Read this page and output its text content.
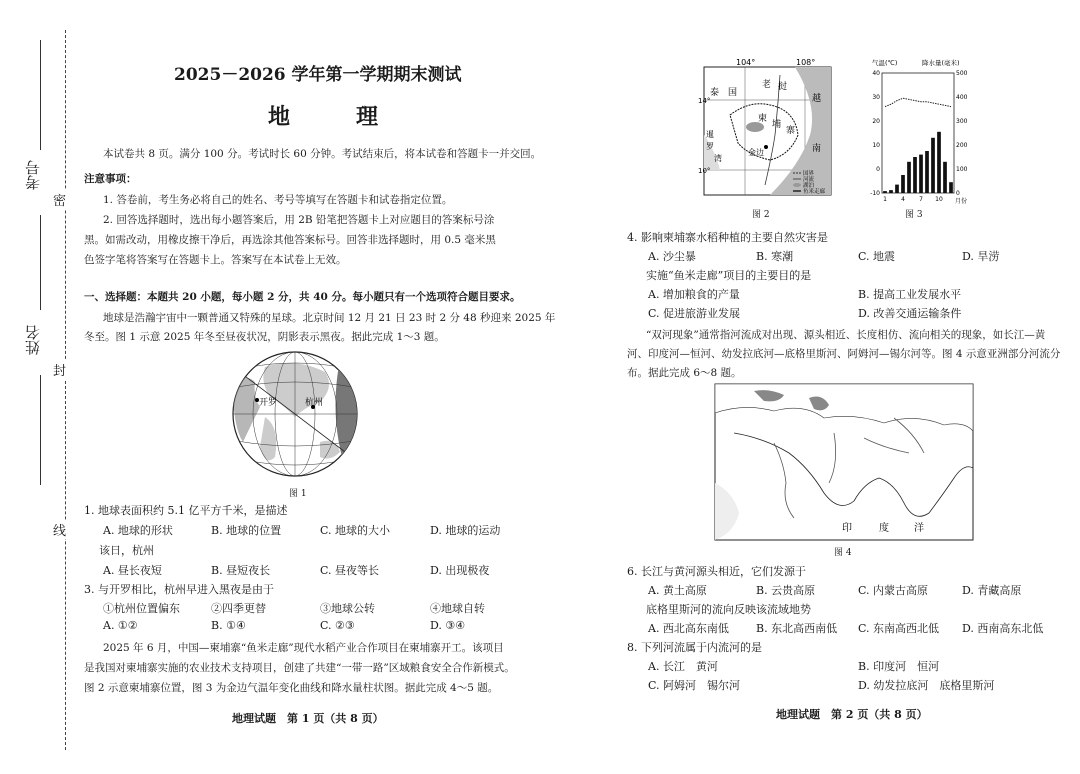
考号
姓名
密
封
线
2025－2026 学年第一学期期末测试
地　理
本试卷共 8 页。满分 100 分。考试时长 60 分钟。考试结束后，将本试卷和答题卡一并交回。
注意事项：
1. 答卷前，考生务必将自己的姓名、考号等填写在答题卡和试卷指定位置。
2. 回答选择题时，选出每小题答案后，用 2B 铅笔把答题卡上对应题目的答案标号涂
黑。如需改动，用橡皮擦干净后，再选涂其他答案标号。回答非选择题时，用 0.5 毫米黑
色签字笔将答案写在答题卡上。答案写在本试卷上无效。
一、选择题：本题共 20 小题，每小题 2 分，共 40 分。每小题只有一个选项符合题目要求。
地球是浩瀚宇宙中一颗普通又特殊的星球。北京时间 12 月 21 日 23 时 2 分 48 秒迎来 2025 年
冬至。图 1 示意 2025 年冬至昼夜状况，阴影表示黑夜。据此完成 1～3 题。
开罗	杭州
图 1
1. 地球表面积约 5.1 亿平方千米，是描述
A. 地球的形状	B. 地球的位置	C. 地球的大小	D. 地球的运动
该日，杭州
A. 昼长夜短	B. 昼短夜长	C. 昼夜等长	D. 出现极夜
3. 与开罗相比，杭州早进入黑夜是由于
①杭州位置偏东	②四季更替	③地球公转	④地球自转
A. ①②	B. ①④	C. ②③	D. ③④
2025 年 6 月，中国—柬埔寨“鱼米走廊”现代水稻产业合作项目在柬埔寨开工。该项目
是我国对柬埔寨实施的农业技术支持项目，创建了共建“一带一路”区域粮食安全合作新模式。
图 2 示意柬埔寨位置，图 3 为金边气温年变化曲线和降水量柱状图。据此完成 4～5 题。
地理试题　第 1 页（共 8 页）
104°	108°
14°
10°
泰 国
老 挝
柬
埔
寨
金边
越
南
暹
罗
湾
国界
河流
湖泊
鱼米走廊
图 2
气温(℃)	降水量(毫米)
40
30
20
10
0
-10
500
400
300
200
100
0
1 4 7 10 月份
图 3
4. 影响柬埔寨水稻种植的主要自然灾害是
A. 沙尘暴	B. 寒潮	C. 地震	D. 旱涝
实施“鱼米走廊”项目的主要目的是
A. 增加粮食的产量	B. 提高工业发展水平
C. 促进旅游业发展	D. 改善交通运输条件
“双河现象”通常指河流成对出现、源头相近、长度相仿、流向相关的现象，如长江—黄
河、印度河—恒河、幼发拉底河—底格里斯河、阿姆河—锡尔河等。图 4 示意亚洲部分河流分
布。据此完成 6～8 题。
印	度	洋
图 4
6. 长江与黄河源头相近，它们发源于
A. 黄土高原	B. 云贵高原	C. 内蒙古高原	D. 青藏高原
底格里斯河的流向反映该流域地势
A. 西北高东南低 B. 东北高西南低 C. 东南高西北低 D. 西南高东北低
8. 下列河流属于内流河的是
A. 长江　黄河	B. 印度河　恒河
C. 阿姆河　锡尔河	D. 幼发拉底河　底格里斯河
地理试题　第 2 页（共 8 页）
